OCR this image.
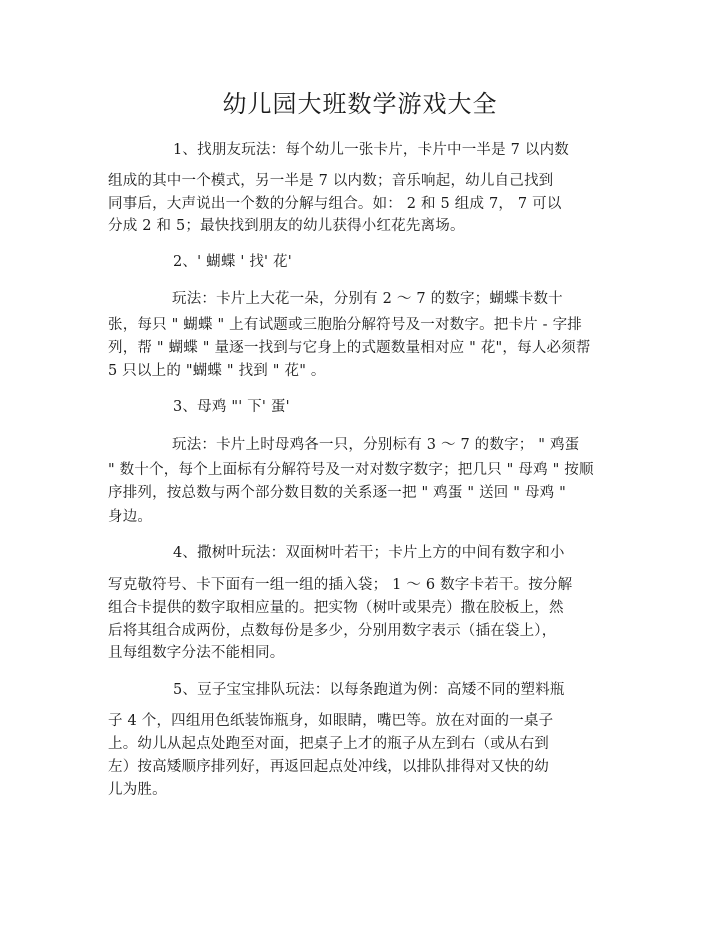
幼儿园大班数学游戏大全
1、找朋友玩法：每个幼儿一张卡片，卡片中一半是 7 以内数
组成的其中一个模式，另一半是 7 以内数；音乐响起，幼儿自己找到
同事后，大声说出一个数的分解与组合。如： 2 和 5 组成 7， 7 可以
分成 2 和 5；最快找到朋友的幼儿获得小红花先离场。
2、' 蝴蝶 ' 找' 花'
玩法：卡片上大花一朵，分别有 2 ～ 7 的数字；蝴蝶卡数十
张，每只 " 蝴蝶 " 上有试题或三胞胎分解符号及一对数字。把卡片 - 字排
列，帮 " 蝴蝶 " 量逐一找到与它身上的式题数量相对应 " 花"，每人必须帮
5 只以上的 "蝴蝶 " 找到 " 花" 。
3、母鸡 "' 下' 蛋'
玩法：卡片上时母鸡各一只，分别标有 3 ～ 7 的数字； " 鸡蛋
" 数十个，每个上面标有分解符号及一对对数字数字；把几只 " 母鸡 " 按顺
序排列，按总数与两个部分数目数的关系逐一把 " 鸡蛋 " 送回 " 母鸡 "
身边。
4、撒树叶玩法：双面树叶若干；卡片上方的中间有数字和小
写克敬符号、卡下面有一组一组的插入袋； 1 ～ 6 数字卡若干。按分解
组合卡提供的数字取相应量的。把实物（树叶或果壳）撒在胶板上，然
后将其组合成两份，点数每份是多少，分别用数字表示（插在袋上），
且每组数字分法不能相同。
5、豆子宝宝排队玩法：以每条跑道为例：高矮不同的塑料瓶
子 4 个，四组用色纸装饰瓶身，如眼睛，嘴巴等。放在对面的一桌子
上。幼儿从起点处跑至对面，把桌子上才的瓶子从左到右（或从右到
左）按高矮顺序排列好，再返回起点处冲线，以排队排得对又快的幼
儿为胜。
